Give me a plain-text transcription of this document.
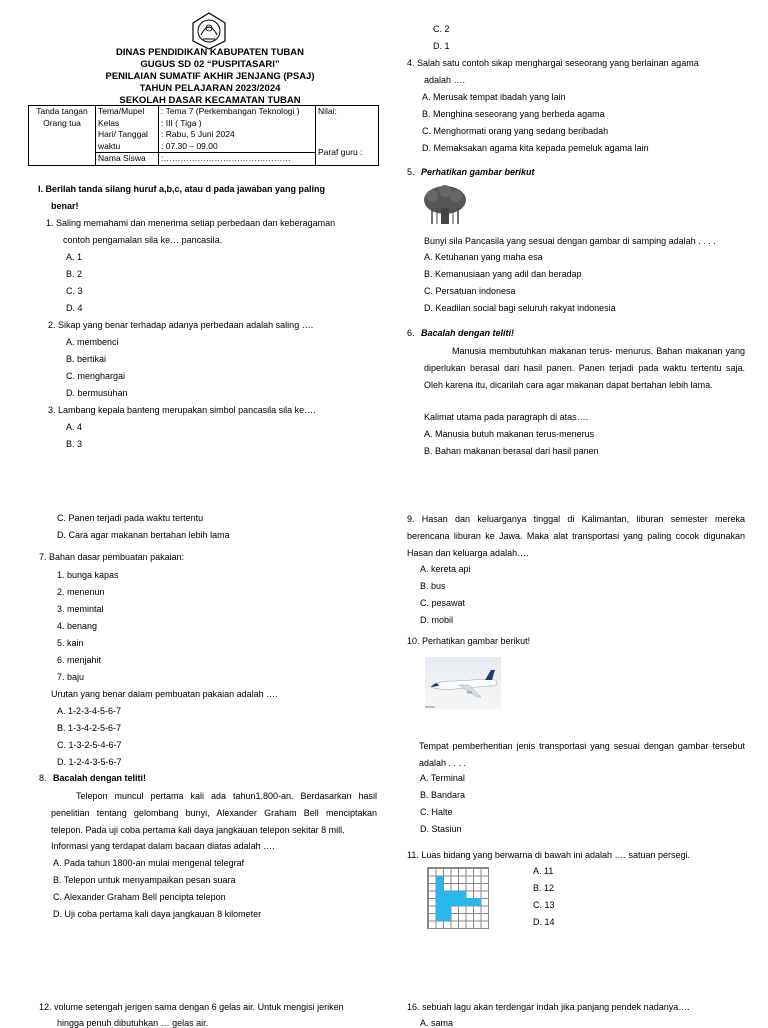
DINAS PENDIDIKAN KABUPATEN TUBAN
GUGUS SD 02 “PUSPITASARI”
PENILAIAN SUMATIF AKHIR JENJANG (PSAJ)
TAHUN PELAJARAN 2023/2024
SEKOLAH DASAR KECAMATAN TUBAN
Tanda tangan Orang tua	Tema/Mupel	: Tema 7 (Perkembangan Teknologi )	Nilai:
	Kelas	: III ( Tiga )	
	Hari/ Tanggal	: Rabu, 5 Juni 2024	
	waktu	: 07.30 – 09.00	Paraf guru :
	Nama Siswa	:………………………………………	
I. Berilah tanda silang huruf a,b,c, atau d pada jawaban yang paling
benar!
1. Saling memahami dan menerima setiap perbedaan dan keberagaman
contoh pengamalan sila ke… pancasila.
A. 1
B. 2
C. 3
D. 4
2. Sikap yang benar terhadap adanya perbedaan adalah saling ….
A. membenci
B. bertikai
C. menghargai
D. bermusuhan
3. Lambang kepala banteng merupakan simbol pancasila sila ke….
A. 4
B. 3
C. 2
D. 1
4. Salah satu contoh sikap menghargai seseorang yang berlainan agama
adalah ….
A. Merusak tempat ibadah yang lain
B. Menghina seseorang yang berbeda agama
C. Menghormati orang yang sedang beribadah
D. Memaksakan agama kita kepada pemeluk agama lain
5. Perhatikan gambar berikut
Bunyi sila Pancasila yang sesuai dengan gambar di samping adalah . . . .
A. Ketuhanan yang maha esa
B. Kemanusiaan yang adil dan beradap
C. Persatuan indonesa
D. Keadilan social bagi seluruh rakyat indonesia
6. Bacalah dengan teliti!
Manusia membutuhkan makanan terus- menurus. Bahan makanan yang diperlukan berasal dari hasil panen. Panen terjadi pada waktu tertentu saja. Oleh karena itu, dicarilah cara agar makanan dapat bertahan lebih lama.
Kalimat utama pada paragraph di atas….
A. Manusia butuh makanan terus-menerus
B. Bahan makanan berasal dari hasil panen
C. Panen terjadi pada waktu tertentu
D. Cara agar makanan bertahan lebih lama
7. Bahan dasar pembuatan pakaian:
1. bunga kapas
2. menenun
3. memintal
4. benang
5. kain
6. menjahit
7. baju
Urutan yang benar dalam pembuatan pakaian adalah ….
A. 1-2-3-4-5-6-7
B. 1-3-4-2-5-6-7
C. 1-3-2-5-4-6-7
D. 1-2-4-3-5-6-7
8. Bacalah dengan teliti!
Telepon muncul pertama kali ada tahun1.800-an. Berdasarkan hasil penelitian tentang gelombang bunyi, Alexander Graham Bell menciptakan telepon. Pada uji coba pertama kali daya jangkauan telepon sekitar 8 mill.
Informasi yang terdapat dalam bacaan diatas adalah ….
A. Pada tahun 1800-an mulai mengenal telegraf
B. Telepon untuk menyampaikan pesan suara
C. Alexander Graham Bell pencipta telepon
D. Uji coba pertama kali daya jangkauan 8 kilometer
9. Hasan dan keluarganya tinggal di Kalimantan, liburan semester mereka berencana liburan ke Jawa. Maka alat transportasi yang paling cocok digunakan Hasan dan keluarga adalah….
A. kereta api
B. bus
C. pesawat
D. mobil
10. Perhatikan gambar berikut!
Tempat pemberhentian jenis transportasi yang sesuai dengan gambar tersebut adalah . . . .
A. Terminal
B. Bandara
C. Halte
D. Stasiun
11. Luas bidang yang berwarna di bawah ini adalah …. satuan persegi.
A. 11
B. 12
C. 13
D. 14
12. volume setengah jerigen sama dengan 6 gelas air. Untuk mengisi jeriken
hingga penuh dibutuhkan … gelas air.
16. sebuah lagu akan terdengar indah jika panjang pendek nadanya….
A. sama
